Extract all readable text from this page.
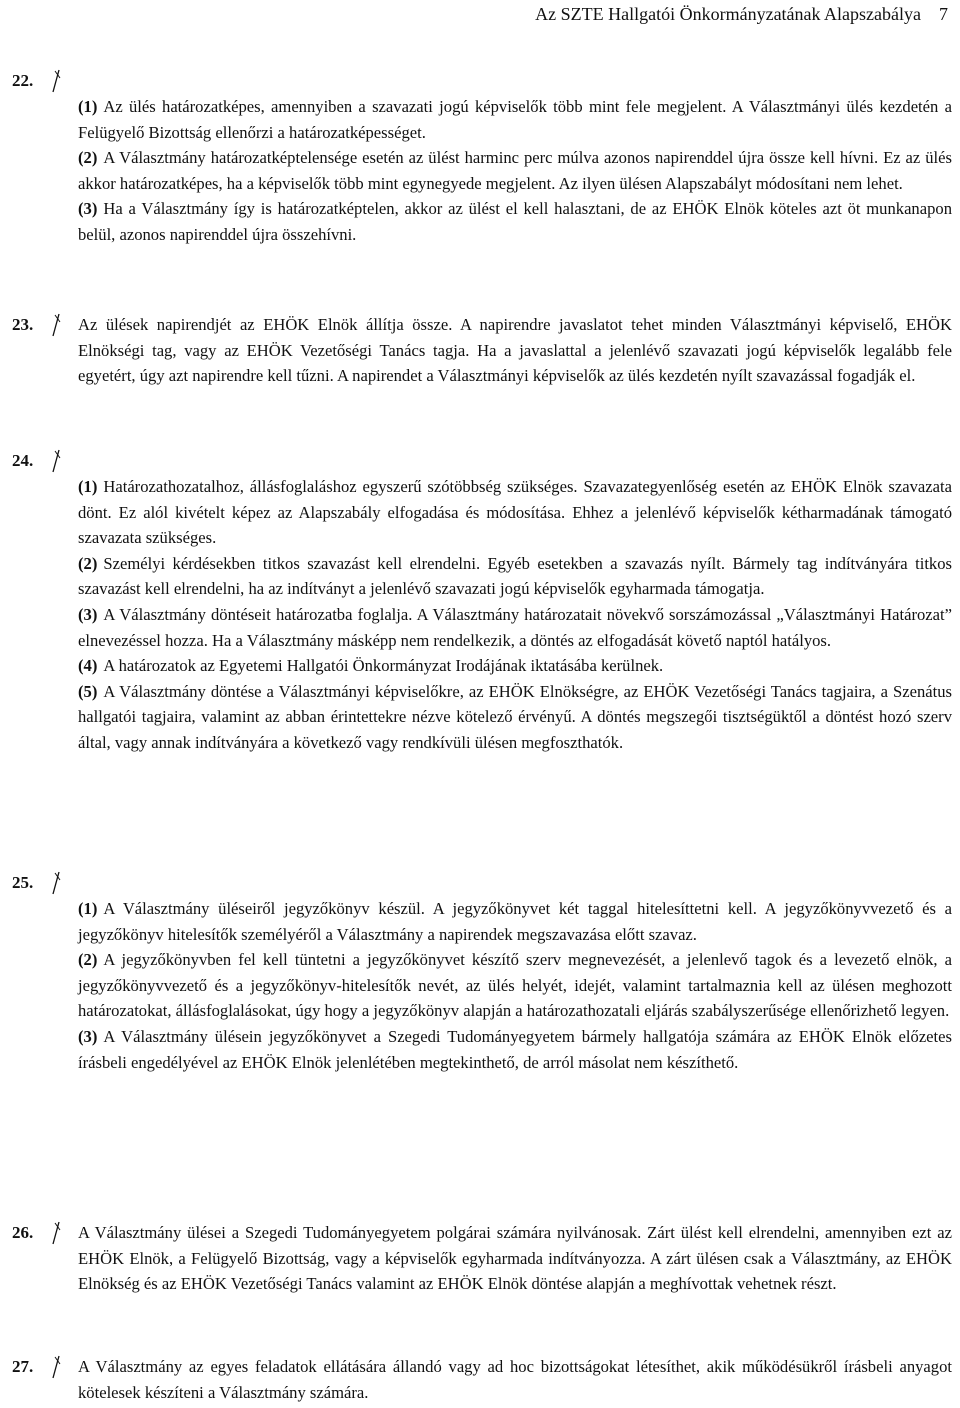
Az SZTE Hallgatói Önkormányzatának Alapszabálya 7
22.

(1) Az ülés határozatképes, amennyiben a szavazati jogú képviselők több mint fele megjelent. A Választmányi ülés kezdetén a Felügyelő Bizottság ellenőrzi a határozatképességet.

(2) A Választmány határozatképtelensége esetén az ülést harminc perc múlva azonos napirenddel újra össze kell hívni. Ez az ülés akkor határozatképes, ha a képviselők több mint egynegyede megjelent. Az ilyen ülésen Alapszabályt módosítani nem lehet.

(3) Ha a Választmány így is határozatképtelen, akkor az ülést el kell halasztani, de az EHÖK Elnök köteles azt öt munkanapon belül, azonos napirenddel újra összehívni.

23.	Az ülések napirendjét az EHÖK Elnök állítja össze. A napirendre javaslatot tehet minden Választmányi képviselő, EHÖK Elnökségi tag, vagy az EHÖK Vezetőségi Tanács tagja. Ha a javaslattal a jelenlévő szavazati jogú képviselők legalább fele egyetért, úgy azt napirendre kell tűzni. A napirendet a Választmányi képviselők az ülés kezdetén nyílt szavazással fogadják el.

24.

(1) Határozathozatalhoz, állásfoglaláshoz egyszerű szótöbbség szükséges. Szavazategyenlőség esetén az EHÖK Elnök szavazata dönt. Ez alól kivételt képez az Alapszabály elfogadása és módosítása. Ehhez a jelenlévő képviselők kétharmadának támogató szavazata szükséges.

(2) Személyi kérdésekben titkos szavazást kell elrendelni. Egyéb esetekben a szavazás nyílt. Bármely tag indítványára titkos szavazást kell elrendelni, ha az indítványt a jelenlévő szavazati jogú képviselők egyharmada támogatja.

(3) A Választmány döntéseit határozatba foglalja. A Választmány határozatait növekvő sorszámozással „Választmányi Határozat” elnevezéssel hozza. Ha a Választmány másképp nem rendelkezik, a döntés az elfogadását követő naptól hatályos.

(4) A határozatok az Egyetemi Hallgatói Önkormányzat Irodájának iktatásába kerülnek.

(5) A Választmány döntése a Választmányi képviselőkre, az EHÖK Elnökségre, az EHÖK Vezetőségi Tanács tagjaira, a Szenátus hallgatói tagjaira, valamint az abban érintettekre nézve kötelező érvényű. A döntés megszegői tisztségüktől a döntést hozó szerv által, vagy annak indítványára a következő vagy rendkívüli ülésen megfoszthatók.

25.

(1) A Választmány üléseiről jegyzőkönyv készül. A jegyzőkönyvet két taggal hitelesíttetni kell. A jegyzőkönyvvezető és a jegyzőkönyv hitelesítők személyéről a Választmány a napirendek megszavazása előtt szavaz.

(2) A jegyzőkönyvben fel kell tüntetni a jegyzőkönyvet készítő szerv megnevezését, a jelenlevő tagok és a levezető elnök, a jegyzőkönyvvezető és a jegyzőkönyv-hitelesítők nevét, az ülés helyét, idejét, valamint tartalmaznia kell az ülésen meghozott határozatokat, állásfoglalásokat, úgy hogy a jegyzőkönyv alapján a határozathozatali eljárás szabályszerűsége ellenőrizhető legyen.

(3) A Választmány ülésein jegyzőkönyvet a Szegedi Tudományegyetem bármely hallgatója számára az EHÖK Elnök előzetes írásbeli engedélyével az EHÖK Elnök jelenlétében megtekinthető, de arról másolat nem készíthető.

26.	A Választmány ülései a Szegedi Tudományegyetem polgárai számára nyilvánosak. Zárt ülést kell elrendelni, amennyiben ezt az EHÖK Elnök, a Felügyelő Bizottság, vagy a képviselők egyharmada indítványozza. A zárt ülésen csak a Választmány, az EHÖK Elnökség és az EHÖK Vezetőségi Tanács valamint az EHÖK Elnök döntése alapján a meghívottak vehetnek részt.

27.	A Választmány az egyes feladatok ellátására állandó vagy ad hoc bizottságokat létesíthet, akik működésükről írásbeli anyagot kötelesek készíteni a Választmány számára.
